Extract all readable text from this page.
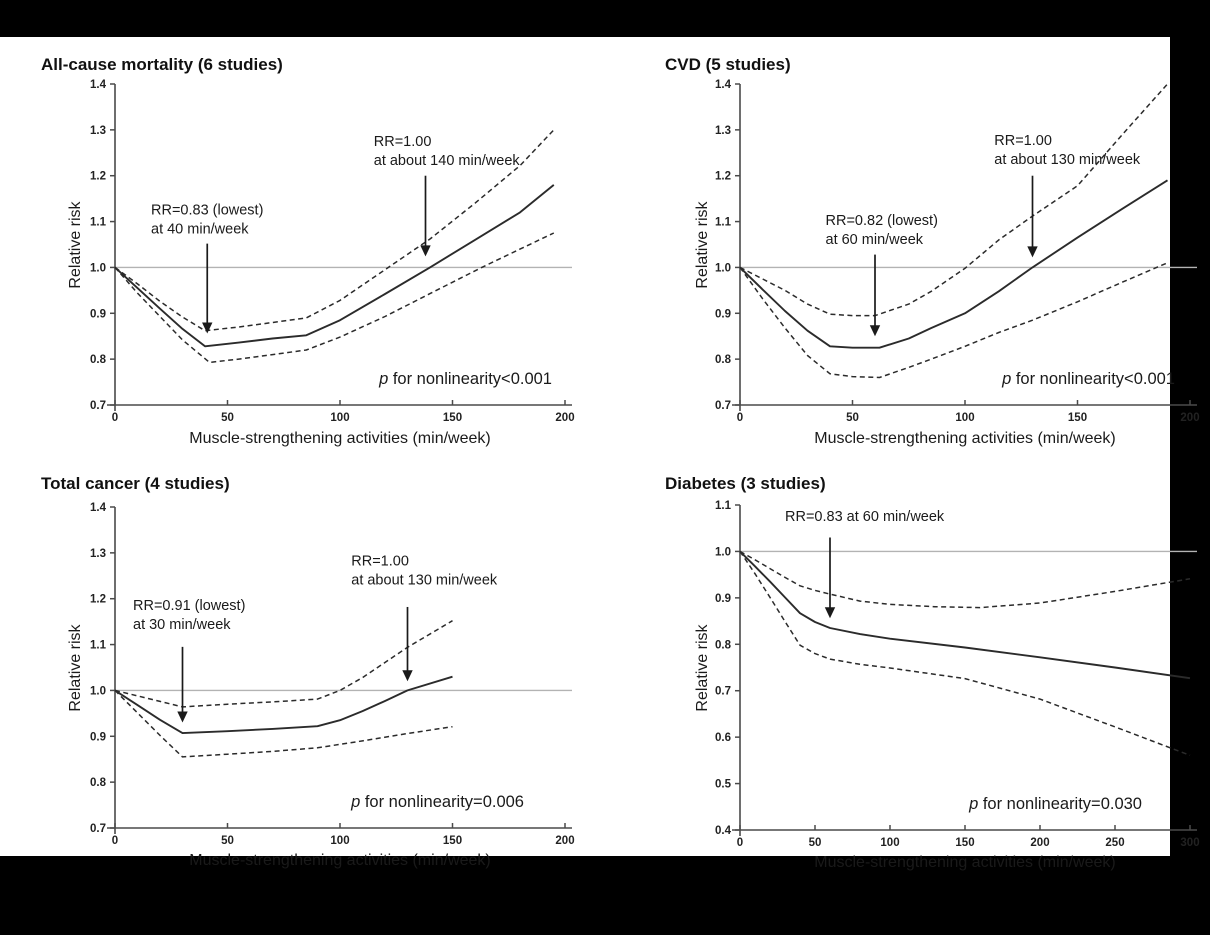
All-cause mortality (6 studies)
Relative risk
0.7
0.8
0.9
1.0
1.1
1.2
1.3
1.4
0	50	100	150	200
RR=0.83 (lowest)
at 40 min/week
RR=1.00
at about 140 min/week
p for nonlinearity<0.001
Muscle-strengthening activities (min/week)
CVD (5 studies)
Relative risk
0.7
0.8
0.9
1.0
1.1
1.2
1.3
1.4
0	50	100	150	200
RR=0.82 (lowest)
at 60 min/week
RR=1.00
at about 130 min/week
p for nonlinearity<0.001
Muscle-strengthening activities (min/week)
Total cancer (4 studies)
Relative risk
0.7
0.8
0.9
1.0
1.1
1.2
1.3
1.4
0	50	100	150	200
RR=0.91 (lowest)
at 30 min/week
RR=1.00
at about 130 min/week
p for nonlinearity=0.006
Muscle-strengthening activities (min/week)
Diabetes (3 studies)
Relative risk
0.4
0.5
0.6
0.7
0.8
0.9
1.0
1.1
0	50	100	150	200	250	300
RR=0.83 at 60 min/week
p for nonlinearity=0.030
Muscle-strengthening activities (min/week)
